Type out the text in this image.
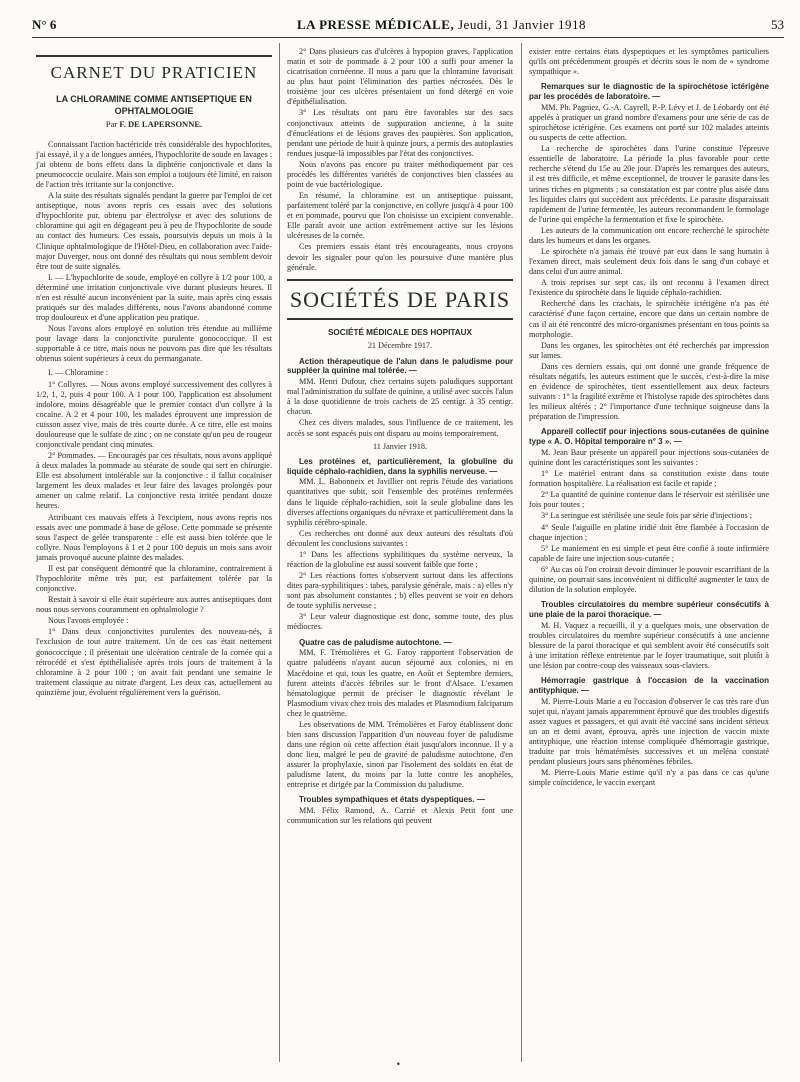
N° 6	LA PRESSE MÉDICALE, Jeudi, 31 Janvier 1918	53
CARNET DU PRATICIEN
LA CHLORAMINE COMME ANTISEPTIQUE EN OPHTALMOLOGIE
Par F. DE LAPERSONNE.

Connaissant l'action bactéricide très considérable des hypochlorites, j'ai essayé, il y a de longues années, l'hypochlorite de soude en lavages : j'ai obtenu de bons effets dans la diphtérie conjonctivale et dans la pneumococcie oculaire. Mais son emploi a toujours été limité, en raison de l'action très irritante sur la conjonctive.

A la suite des résultats signalés pendant la guerre par l'emploi de cet antiseptique, nous avons repris ces essais avec des solutions d'hypochlorite pur, obtenu par électrolyse et avec des solutions de chloramine qui agit en dégageant peu à peu de l'hypochlorite de soude au contact des humeurs. Ces essais, poursuivis depuis un mois à la Clinique ophtalmologique de l'Hôtel-Dieu, en collaboration avec l'aide-major Duverger, nous ont donné des résultats qui nous semblent devoir être tout de suite signalés.

I. — L'hypochlorite de soude, employé en collyre à 1/2 pour 100, a déterminé une irritation conjonctivale vive durant plusieurs heures. Il n'en est résulté aucun inconvénient par la suite, mais après cinq essais pratiqués sur des malades différents, nous l'avons abandonné comme trop douloureux et d'une application peu pratique.

Nous l'avons alors employé en solution très étendue au millième pour lavage dans la conjonctivite purulente gonococcique. Il est supportable à ce titre, mais nous ne pouvons pas dire que les résultats obtenus soient supérieurs à ceux du permanganate.

I. — Chloramine :

1° Collyres. — Nous avons employé successivement des collyres à 1/2, 1, 2, puis 4 pour 100. A 1 pour 100, l'application est absolument indolore, moins désagréable que le premier contact d'un collyre à la cocaïne. A 2 et 4 pour 100, les malades éprouvent une impression de cuisson assez vive, mais de très courte durée. A ce titre, elle est moins douloureuse que le sulfate de zinc ; on ne constate qu'un peu de rougeur conjonctivale pendant cinq minutes.

2° Pommades. — Encouragés par ces résultats, nous avons appliqué à deux malades la pommade au stéarate de soude qui sert en chirurgie. Elle est absolument intolérable sur la conjonctive : il fallut cocaïniser largement les deux malades et leur faire des lavages prolongés pour amener un calme relatif. La conjonctive resta irritée pendant douze heures.

Attribuant ces mauvais effets à l'excipient, nous avons repris nos essais avec une pommade à base de gélose. Cette pommade se présente sous l'aspect de gelée transparente : elle est aussi bien tolérée que le collyre. Nous l'employons à 1 et 2 pour 100 depuis un mois sans avoir jamais provoqué aucune plainte des malades.

Il est par conséquent démontré que la chloramine, contrairement à l'hypochlorite même très pur, est parfaitement tolérée par la conjonctive.

Restait à savoir si elle était supérieure aux autres antiseptiques dont nous nous servons couramment en ophtalmologie ?

Nous l'avons employée :

1° Dans deux conjonctivites purulentes des nouveau-nés, à l'exclusion de tout autre traitement. Un de ces cas était nettement gonococcique ; il présentait une ulcération centrale de la cornée qui a rétrocédé et s'est épithélialisée après trois jours de traitement à la chloramine à 2 pour 100 ; on avait fait pendant une semaine le traitement classique au nitrate d'argent. Les deux cas, actuellement au quinzième jour, évoluent régulièrement vers la guérison.

2° Dans plusieurs cas d'ulcères à hypopion graves, l'application matin et soir de pommade à 2 pour 100 a suffi pour amener la cicatrisation cornéenne. Il nous a paru que la chloramine favorisait au plus haut point l'élimination des parties nécrosées. Dès le troisième jour ces ulcères présentaient un fond détergé en voie d'épithélialisation.

3° Les résultats ont paru être favorables sur des sacs conjonctivaux atteints de suppuration ancienne, à la suite d'énucléations et de lésions graves des paupières. Son application, pendant une période de huit à quinze jours, a permis des autoplasties rendues jusque-là impossibles par l'état des conjonctives.

Nous n'avons pas encore pu traiter méthodiquement par ces procédés les différentes variétés de conjonctives bien classées au point de vue bactériologique.

En résumé, la chloramine est un antiseptique puissant, parfaitement toléré par la conjonctive, en collyre jusqu'à 4 pour 100 et en pommade, pourvu que l'on choisisse un excipient convenable. Elle paraît avoir une action extrêmement active sur les lésions ulcéreuses de la cornée.

Ces premiers essais étant très encourageants, nous croyons devoir les signaler pour qu'on les poursuive d'une manière plus générale.

SOCIÉTÉS DE PARIS
SOCIÉTÉ MÉDICALE DES HOPITAUX
21 Décembre 1917.

Action thérapeutique de l'alun dans le paludisme pour suppléer la quinine mal tolérée. —

MM. Henri Dufour, chez certains sujets paludiques supportant mal l'administration du sulfate de quinine, a utilisé avec succès l'alun à la dose quotidienne de trois cachets de 25 centigr. à 35 centigr. chacun.

Chez ces divers malades, sous l'influence de ce traitement, les accès se sont espacés puis ont disparu au moins temporairement.

11 Janvier 1918.

Les protéines et, particulièrement, la globuline du liquide céphalo-rachidien, dans la syphilis nerveuse. —

MM. L. Babonneix et Javillier ont repris l'étude des variations quantitatives que subit, soit l'ensemble des protéines renfermées dans le liquide céphalo-rachidien, soit la seule globuline dans les diverses affections organiques du névraxe et particulièrement dans la syphilis cérébro-spinale.

Ces recherches ont donné aux deux auteurs des résultats d'où découlent les conclusions suivantes :

1° Dans les affections syphilitiques du système nerveux, la réaction de la globuline est aussi souvent faible que forte ;

2° Les réactions fortes s'observent surtout dans les affections dites para-syphilitiques : tabes, paralysie générale, mais : a) elles n'y sont pas absolument constantes ; b) elles peuvent se voir en dehors de toute syphilis nerveuse ;

3° Leur valeur diagnostique est donc, somme toute, des plus médiocres.

Quatre cas de paludisme autochtone. —

MM. F. Trémolières et G. Faroy rapportent l'observation de quatre paludéens n'ayant aucun séjourné aux colonies, ni en Macédoine et qui, tous les quatre, en Août et Septembre derniers, furent atteints d'accès fébriles sur le front d'Alsace. L'examen hématologique permit de préciser le diagnostic révélant le Plasmodium vivax chez trois des malades et Plasmodium falciparum chez le quatrième.

Les observations de MM. Trémolières et Faroy établissent donc bien sans discussion l'apparition d'un nouveau foyer de paludisme dans une région où cette affection était jusqu'alors inconnue. Il y a donc lieu, malgré le peu de gravité de paludisme autochtone, d'en assurer la prophylaxie, sinon par l'isolement des soldats en état de paludisme latent, du moins par la lutte contre les anophèles, entreprise et dirigée par la Commission du paludisme.

Troubles sympathiques et états dyspeptiques. —

MM. Félix Ramond, A. Carrié et Alexis Petit font une communication sur les relations qui peuvent

exister entre certains états dyspeptiques et les symptômes particuliers qu'ils ont précédemment groupés et décrits sous le nom de « syndrome sympathique ».

Remarques sur le diagnostic de la spirochétose ictérigène par les procédés de laboratoire. —

MM. Ph. Pagniez, G.-A. Cayrell, P.-P. Lévy et J. de Léobardy ont été appelés à pratiquer un grand nombre d'examens pour une série de cas de spirochétose ictérigène. Ces examens ont porté sur 102 malades atteints ou suspects de cette affection.

La recherche de spirochètes dans l'urine constitue l'épreuve essentielle de laboratoire. La période la plus favorable pour cette recherche s'étend du 15e au 20e jour. D'après les remarques des auteurs, il est très difficile, et même exceptionnel, de trouver le parasite dans les urines riches en pigments ; sa constatation est par contre plus aisée dans les liquides clairs qui succèdent aux précédents. Le parasite disparaissait rapidement de l'urine fermentée, les auteurs recommandent le formolage de l'urine qui empêche la fermentation et fixe le spirochète.

Les auteurs de la communication ont encore recherché le spirochète dans les humeurs et dans les organes.

Le spirochète n'a jamais été trouvé par eux dans le sang humain à l'examen direct, mais seulement deux fois dans le sang d'un cobaye et dans celui d'un autre animal.

A trois reprises sur sept cas, ils ont reconnu à l'examen direct l'existence du spirochète dans le liquide céphalo-rachidien.

Recherché dans les crachats, le spirochète ictérigène n'a pas été caractérisé d'une façon certaine, encore que dans un certain nombre de cas il ait été rencontré des micro-organismes présentant en tous points sa morphologie.

Dans les organes, les spirochètes ont été recherchés par impression sur lames.

Dans ces derniers essais, qui ont donné une grande fréquence de résultats négatifs, les auteurs estiment que le succès, c'est-à-dire la mise en évidence de spirochètes, tient essentiellement aux deux facteurs suivants : 1° la fragilité extrême et l'histolyse rapide des spirochètes dans les milieux altérés ; 2° l'importance d'une technique soigneuse dans la préparation de l'impression.

Appareil collectif pour injections sous-cutanées de quinine type « A. O. Hôpital temporaire n° 3 ». —

M. Jean Baur présente un appareil pour injections sous-cutanées de quinine dont les caractéristiques sont les suivantes :

1° Le matériel entrant dans sa constitution existe dans toute formation hospitalière. La réalisation est facile et rapide ;

2° La quantité de quinine contenue dans le réservoir est stérilisée une fois pour toutes ;

3° La seringue est stérilisée une seule fois par série d'injections ;

4° Seule l'aiguille en platine iridié doit être flambée à l'occasion de chaque injection ;

5° Le maniement en est simple et peut être confié à toute infirmière capable de faire une injection sous-cutanée ;

6° Au cas où l'on croirait devoir diminuer le pouvoir escarrifiant de la quinine, on pourrait sans inconvénient ni difficulté augmenter le taux de dilution de la solution employée.

Troubles circulatoires du membre supérieur consécutifs à une plaie de la paroi thoracique. —

M. H. Vaquez a recueilli, il y a quelques mois, une observation de troubles circulatoires du membre supérieur consécutifs à une ancienne blessure de la paroi thoracique et qui semblent avoir été consécutifs soit à une irritation réflexe entretenue par le foyer traumatique, soit plutôt à une lésion par contre-coup des vaisseaux sous-claviers.

Hémorragie gastrique à l'occasion de la vaccination antityphique. —

M. Pierre-Louis Marie a eu l'occasion d'observer le cas très rare d'un sujet qui, n'ayant jamais apparemment éprouvé que des troubles digestifs assez vagues et passagers, et qui avait été vacciné sans incident sérieux un an et demi avant, éprouva, après une injection de vaccin mixte antityphique, une réaction intense compliquée d'hémorragie gastrique, traduite par trois hématémèses successives et un meléna constaté pendant plusieurs jours sans phénomènes fébriles.

M. Pierre-Louis Marie estime qu'il n'y a pas dans ce cas qu'une simple coïncidence, le vaccin exerçant

•
